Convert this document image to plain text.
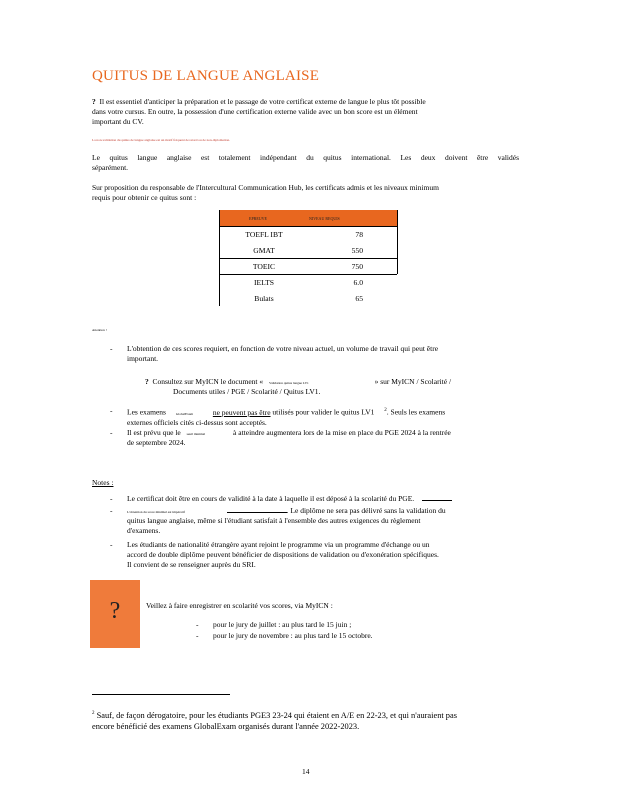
QUITUS DE LANGUE ANGLAISE
? Il est essentiel d'anticiper la préparation et le passage de votre certificat externe de langue le plus tôt possible
dans votre cursus. En outre, la possession d'une certification externe valide avec un bon score est un élément
important du CV.
La non-validation du quitus de langue anglaise est un motif fréquent de retard ou de non-diplomation.
Le quitus langue anglaise est totalement indépendant du quitus international. Les deux doivent être validés
séparément.
Sur proposition du responsable de l'Intercultural Communication Hub, les certificats admis et les niveaux minimum
requis pour obtenir ce quitus sont :
EPREUVE	NIVEAU REQUIS
TOEFL IBT	78
GMAT	550
TOEIC	750
IELTS	6.0
Bulats	65
Attention !
- L'obtention de ces scores requiert, en fonction de votre niveau actuel, un volume de travail qui peut être
important.
? Consultez sur MyICN le document « Validation quitus langue LV1	» sur MyICN / Scolarité /
Documents utiles / PGE / Scolarité / Quitus LV1.
- Les examens	GlobalExam	ne peuvent pas être utilisés pour valider le quitus LV1 $^2$. Seuls les examens
externes officiels cités ci-dessus sont acceptés.
- Il est prévu que le seuil minimal	à atteindre augmentera lors de la mise en place du PGE 2024 à la rentrée
de septembre 2024.
Notes :
- Le certificat doit être en cours de validité à la date à laquelle il est déposé à la scolarité du PGE.
-	L'obtention du score minimal est impératif	. Le diplôme ne sera pas délivré sans la validation du
quitus langue anglaise, même si l'étudiant satisfait à l'ensemble des autres exigences du règlement
d'examens.
- Les étudiants de nationalité étrangère ayant rejoint le programme via un programme d'échange ou un
accord de double diplôme peuvent bénéficier de dispositions de validation ou d'exonération spécifiques.
Il convient de se renseigner auprès du SRI.
?	Veillez à faire enregistrer en scolarité vos scores, via MyICN :
- pour le jury de juillet : au plus tard le 15 juin ;
- pour le jury de novembre : au plus tard le 15 octobre.
$^2$ Sauf, de façon dérogatoire, pour les étudiants PGE3 23-24 qui étaient en A/E en 22-23, et qui n'auraient pas
encore bénéficié des examens GlobalExam organisés durant l'année 2022-2023.
14
